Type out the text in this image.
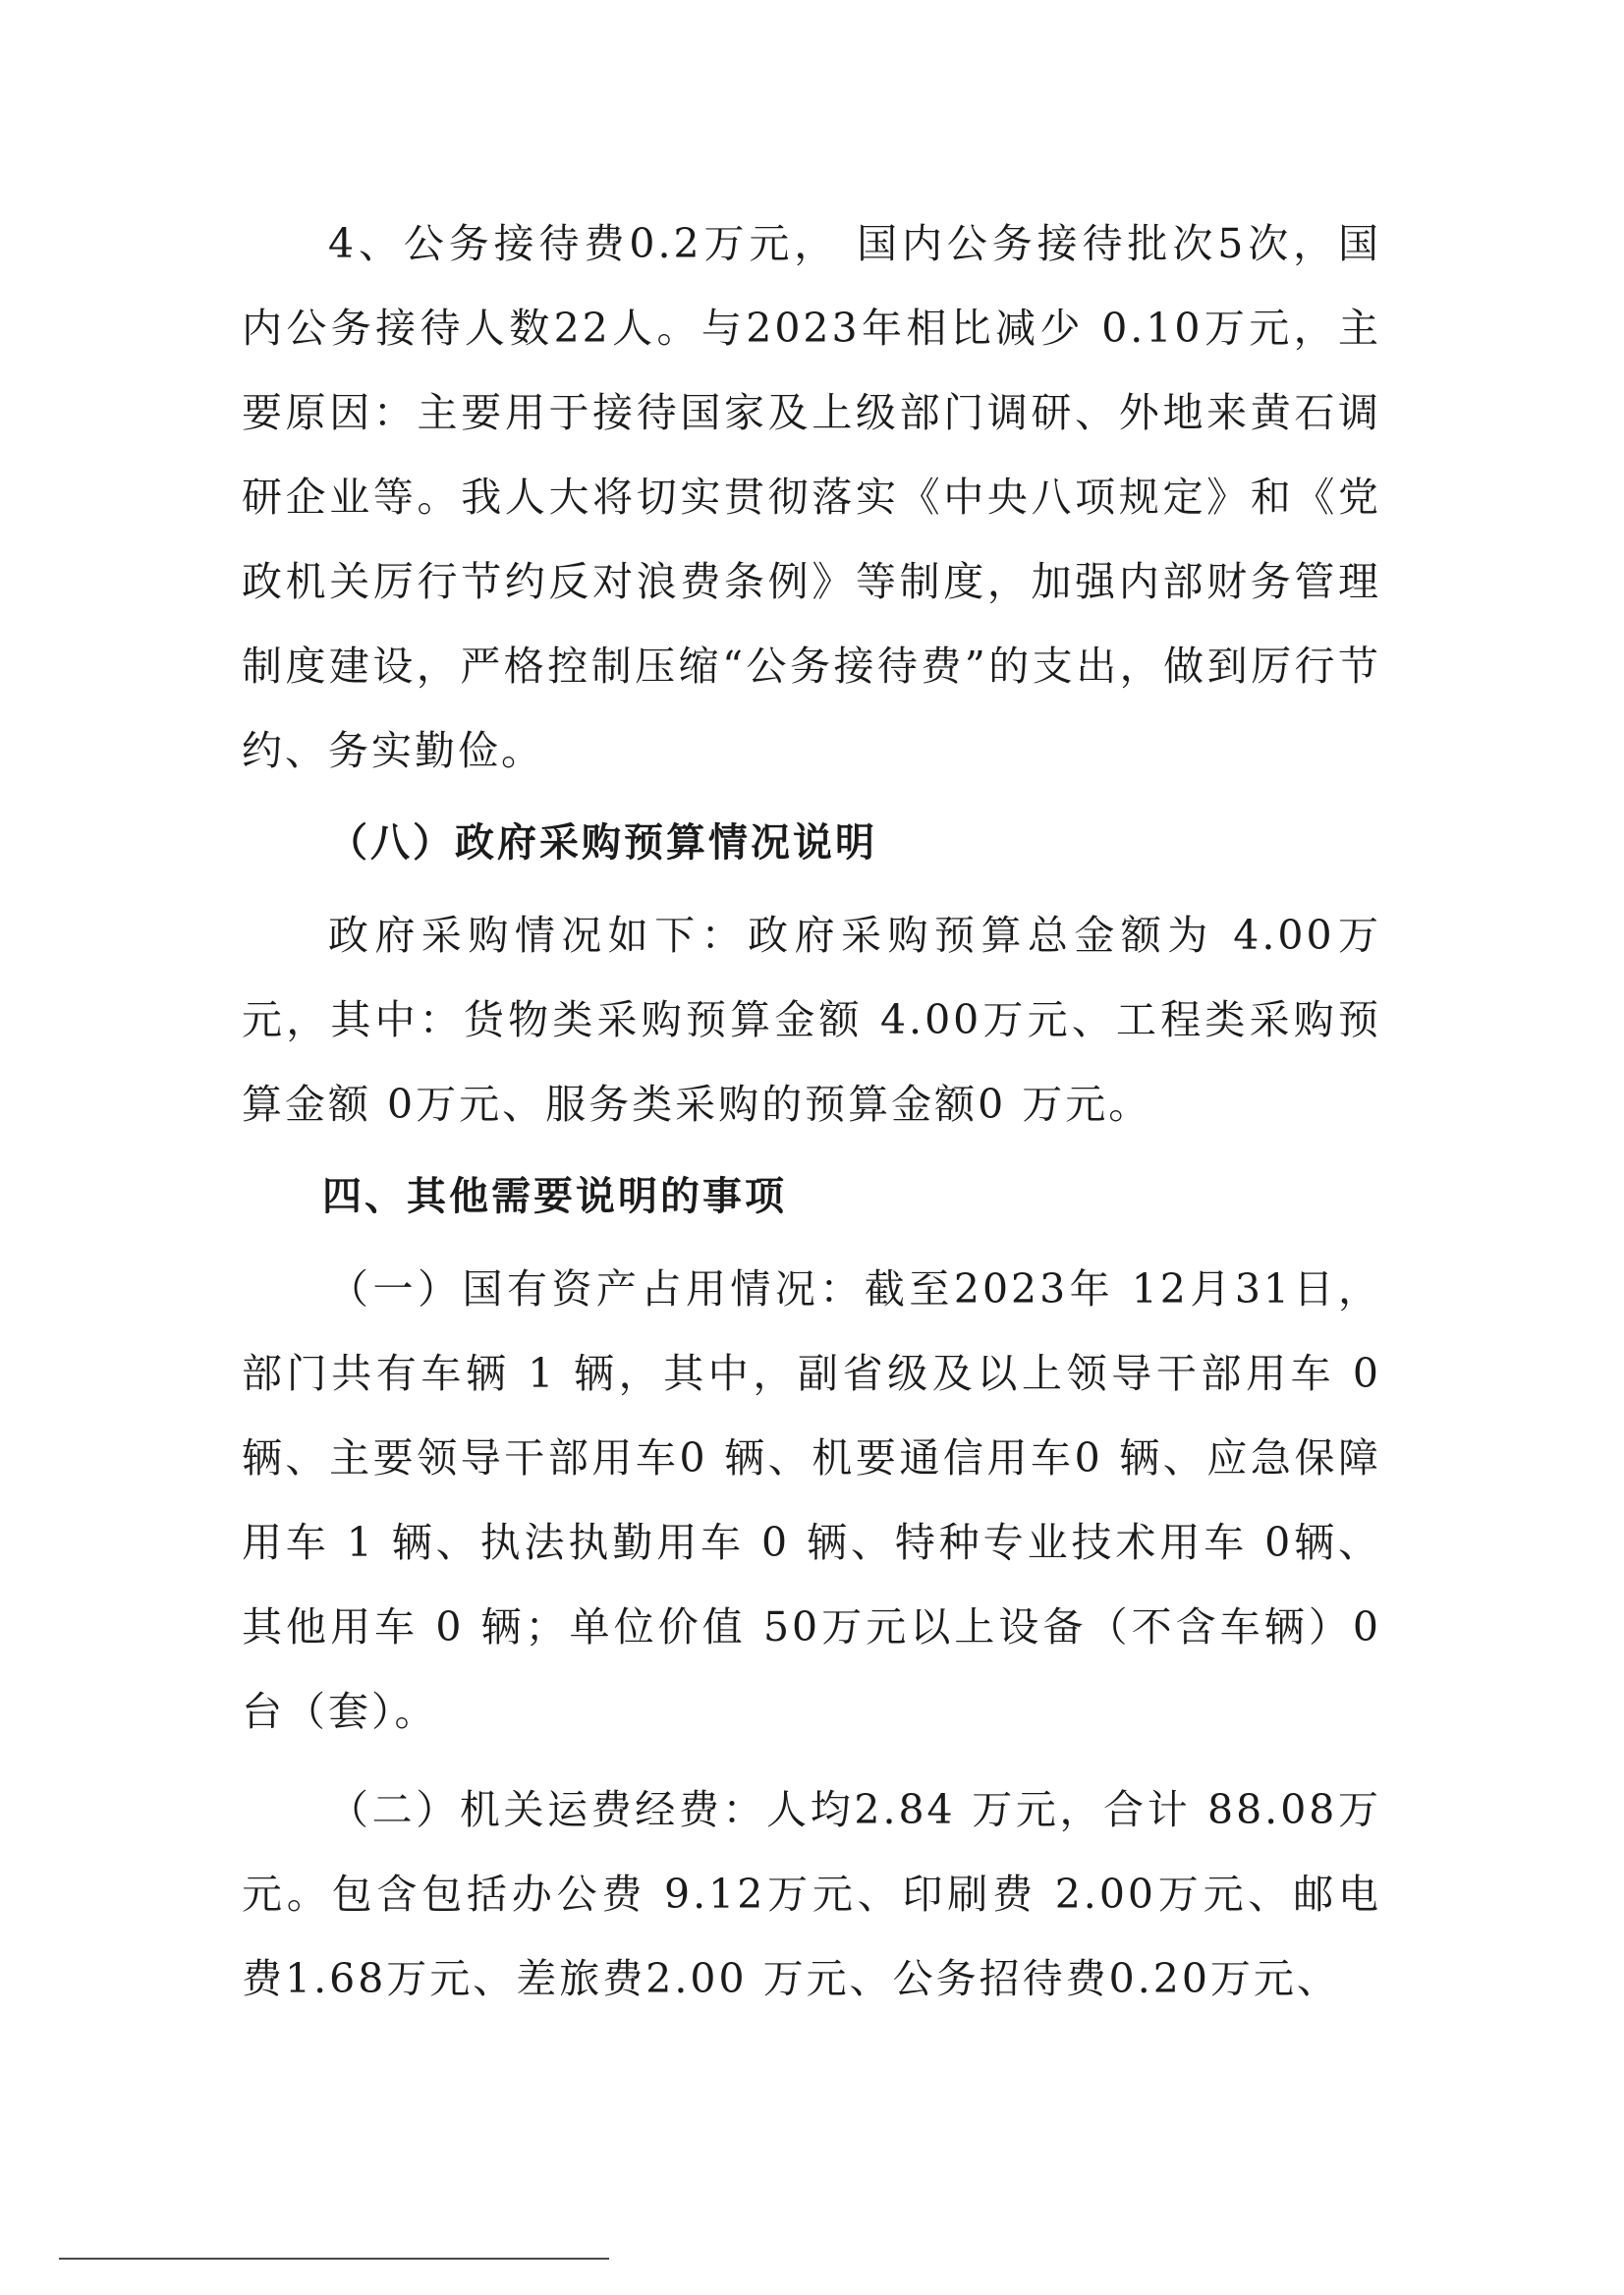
4、公务接待费0.2万元， 国内公务接待批次5次，国内公务接待人数22人。与2023年相比减少 0.10万元，主要原因：主要用于接待国家及上级部门调研、外地来黄石调研企业等。我人大将切实贯彻落实《中央八项规定》和《党政机关厉行节约反对浪费条例》等制度，加强内部财务管理制度建设，严格控制压缩“公务接待费”的支出，做到厉行节约、务实勤俭。

（八）政府采购预算情况说明

政府采购情况如下：政府采购预算总金额为 4.00万元，其中：货物类采购预算金额 4.00万元、工程类采购预算金额 0万元、服务类采购的预算金额0 万元。

四、其他需要说明的事项

（一）国有资产占用情况：截至2023年 12月31日，部门共有车辆 1 辆，其中，副省级及以上领导干部用车 0 辆、主要领导干部用车0 辆、机要通信用车0 辆、应急保障用车 1 辆、执法执勤用车 0 辆、特种专业技术用车 0辆、其他用车 0 辆；单位价值 50万元以上设备（不含车辆）0 台（套）。

（二）机关运费经费：人均2.84 万元，合计 88.08万元。包含包括办公费 9.12万元、印刷费 2.00万元、邮电费1.68万元、差旅费2.00 万元、公务招待费0.20万元、
